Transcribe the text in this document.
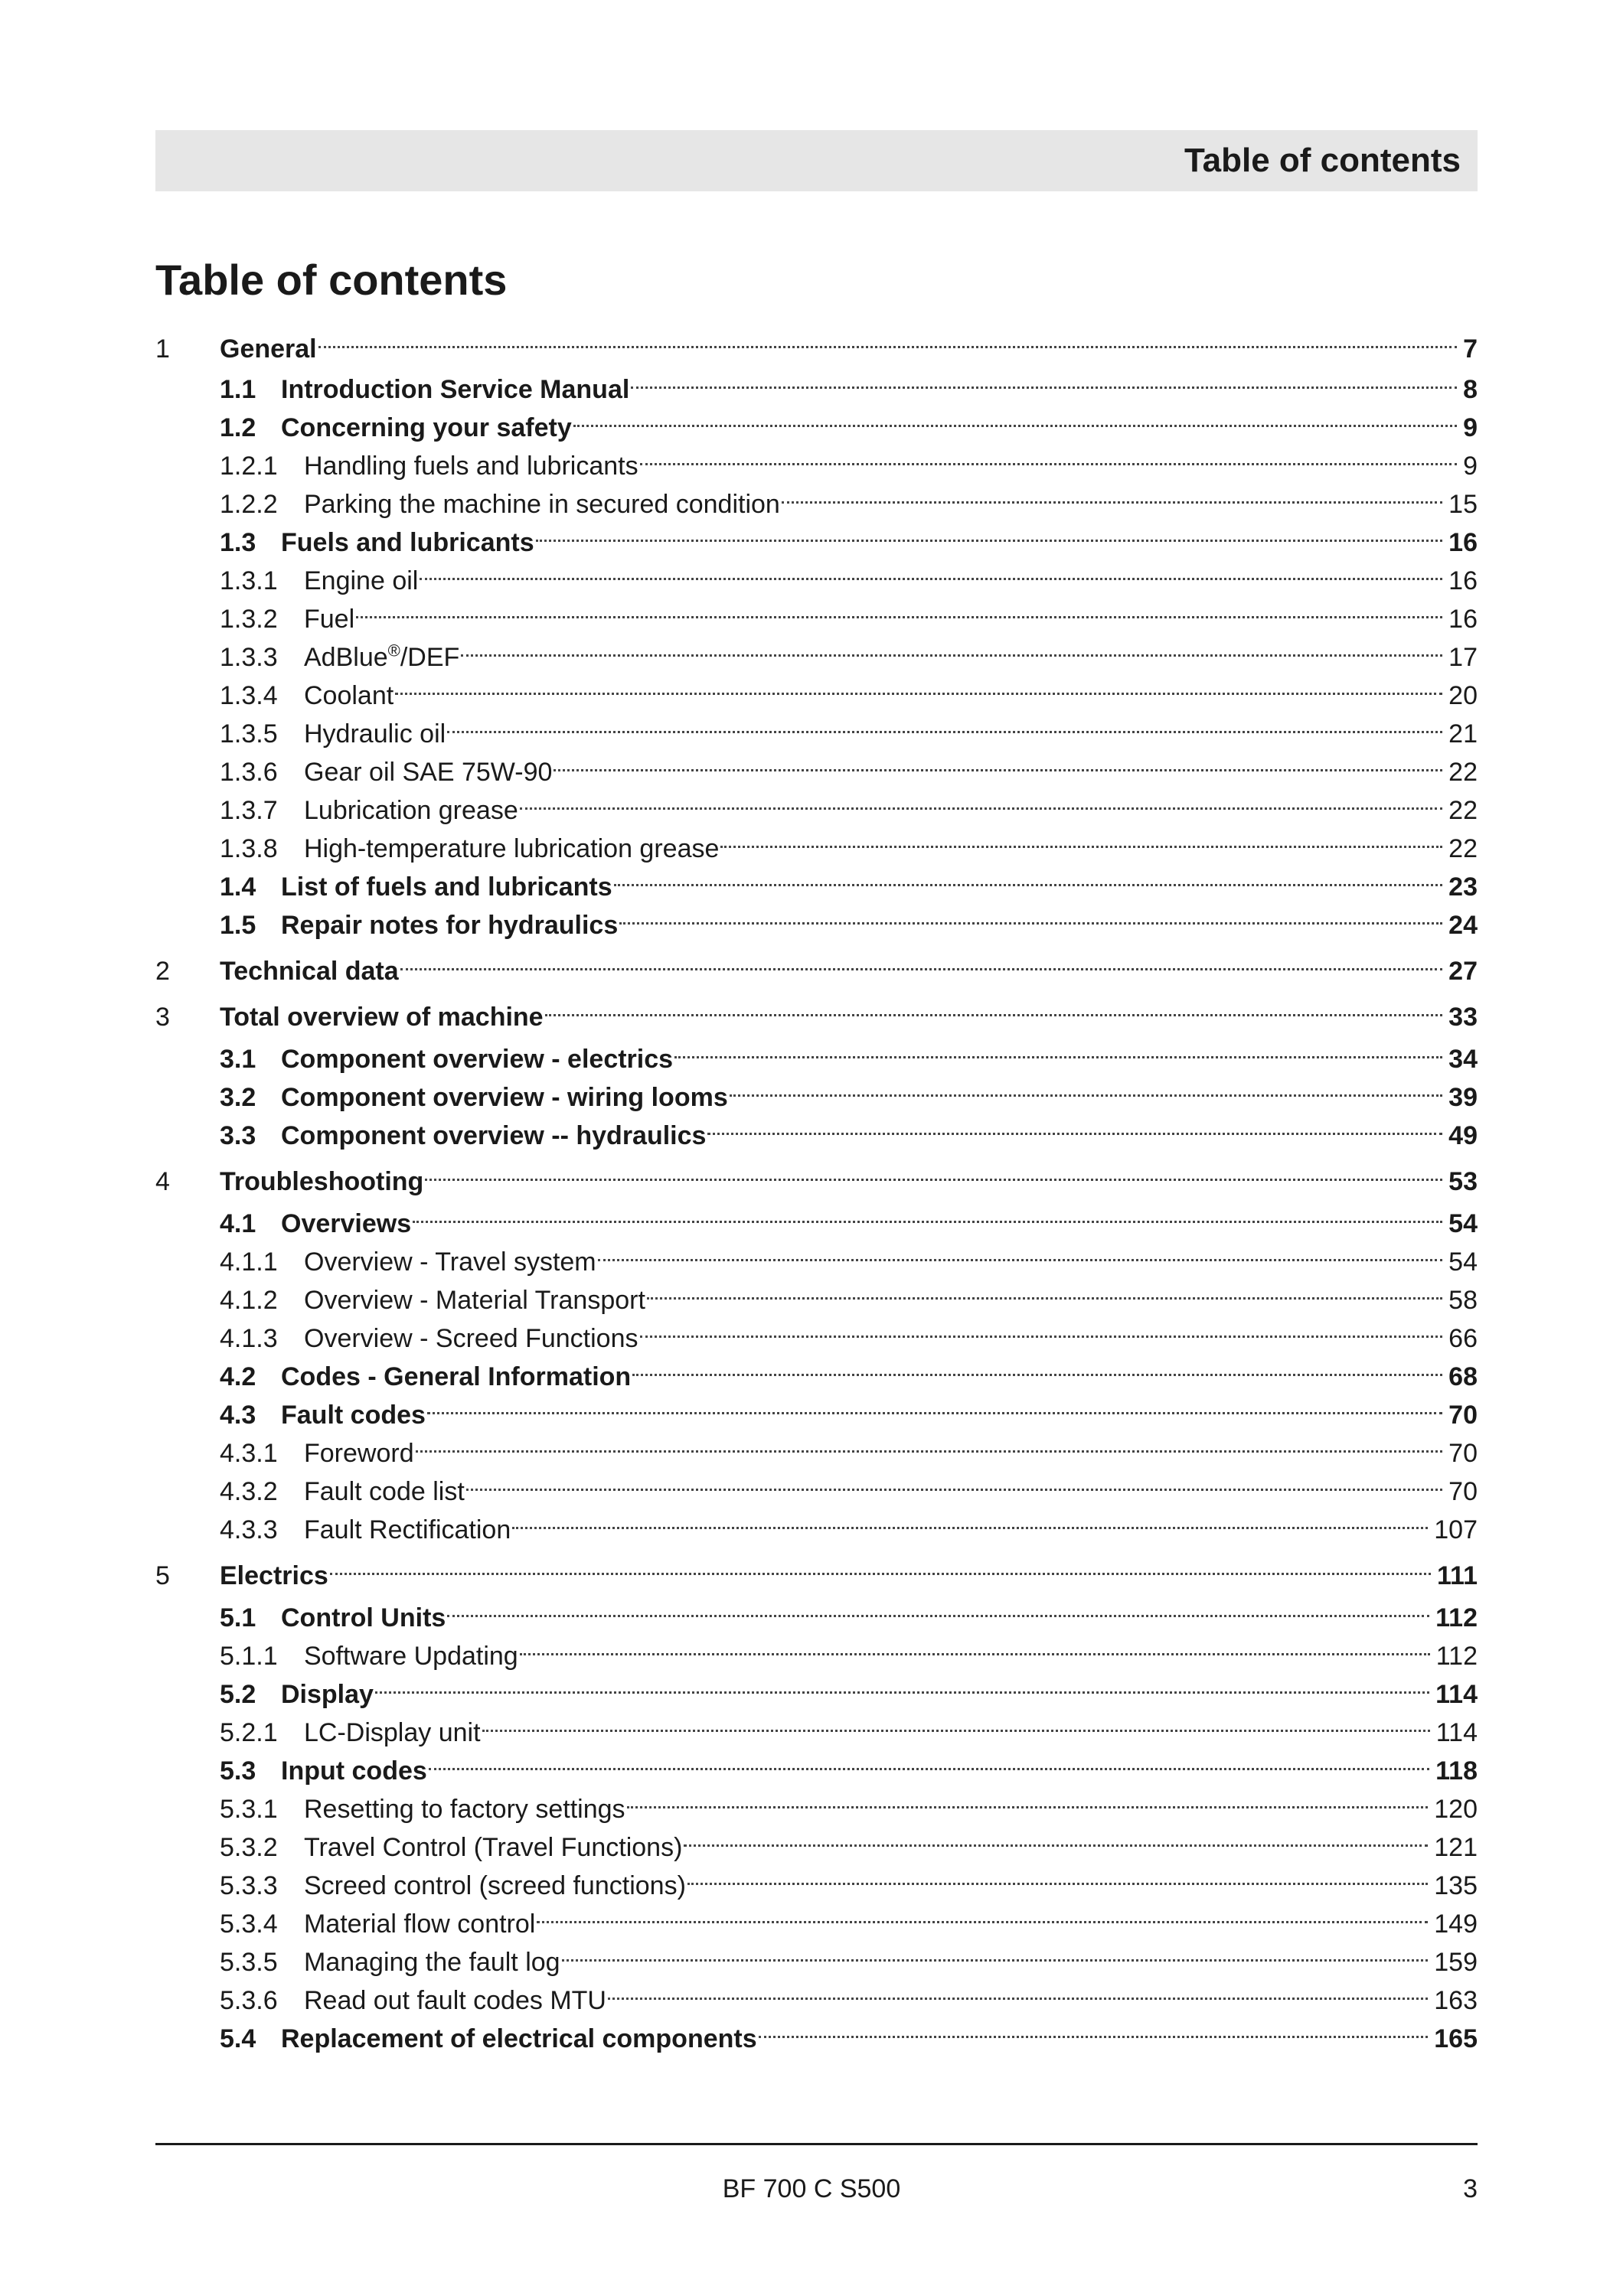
Table of contents
Table of contents
1	General	7
1.1 Introduction Service Manual	8
1.2 Concerning your safety	9
1.2.1	Handling fuels and lubricants	9
1.2.2	Parking the machine in secured condition	15
1.3 Fuels and lubricants	16
1.3.1	Engine oil	16
1.3.2	Fuel	16
1.3.3	AdBlue®/DEF	17
1.3.4	Coolant	20
1.3.5	Hydraulic oil	21
1.3.6	Gear oil SAE 75W-90	22
1.3.7	Lubrication grease	22
1.3.8	High-temperature lubrication grease	22
1.4 List of fuels and lubricants	23
1.5 Repair notes for hydraulics	24
2	Technical data	27
3	Total overview of machine	33
3.1 Component overview - electrics	34
3.2 Component overview - wiring looms	39
3.3 Component overview -- hydraulics	49
4	Troubleshooting	53
4.1 Overviews	54
4.1.1	Overview - Travel system	54
4.1.2	Overview - Material Transport	58
4.1.3	Overview - Screed Functions	66
4.2 Codes - General Information	68
4.3 Fault codes	70
4.3.1	Foreword	70
4.3.2	Fault code list	70
4.3.3	Fault Rectification	107
5	Electrics	111
5.1 Control Units	112
5.1.1	Software Updating	112
5.2 Display	114
5.2.1	LC-Display unit	114
5.3 Input codes	118
5.3.1	Resetting to factory settings	120
5.3.2	Travel Control (Travel Functions)	121
5.3.3	Screed control (screed functions)	135
5.3.4	Material flow control	149
5.3.5	Managing the fault log	159
5.3.6	Read out fault codes MTU	163
5.4 Replacement of electrical components	165
BF 700 C S500	3
